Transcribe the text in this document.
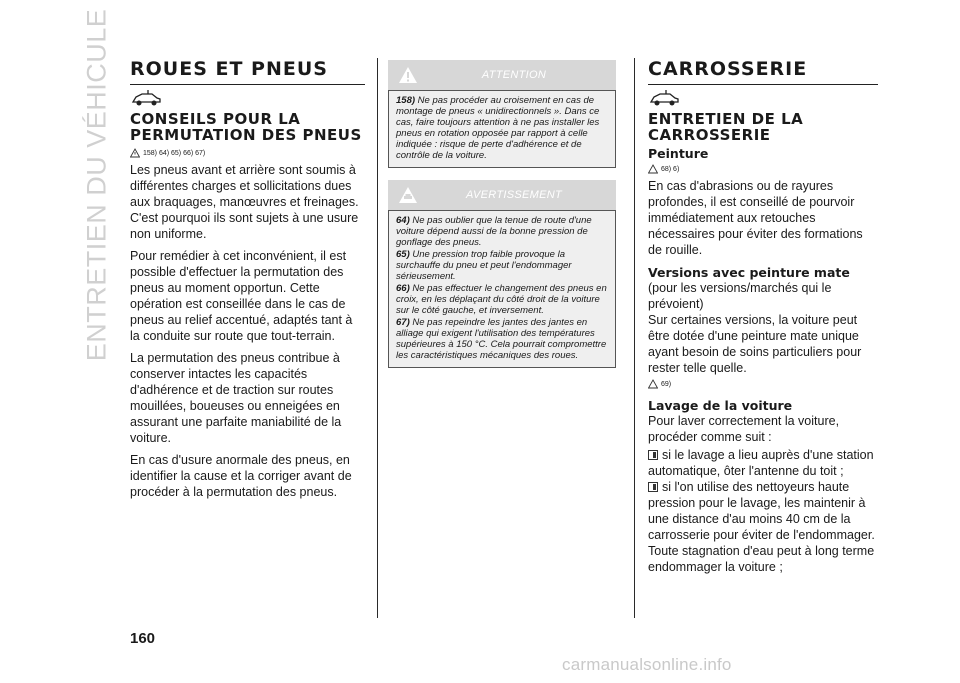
ENTRETIEN DU VÉHICULE ROUES ET PNEUS
CONSEILS POUR LA PERMUTATION DES PNEUS
158) 64) 65) 66) 67)

Les pneus avant et arrière sont soumis à différentes charges et sollicitations dues aux braquages, manœuvres et freinages. C'est pourquoi ils sont sujets à une usure non uniforme.

Pour remédier à cet inconvénient, il est possible d'effectuer la permutation des pneus au moment opportun. Cette opération est conseillée dans le cas de pneus au relief accentué, adaptés tant à la conduite sur route que tout-terrain.

La permutation des pneus contribue à conserver intactes les capacités d'adhérence et de traction sur routes mouillées, boueuses ou enneigées en assurant une parfaite maniabilité de la voiture.

En cas d'usure anormale des pneus, en identifier la cause et la corriger avant de procéder à la permutation des pneus.

ATTENTION
158) Ne pas procéder au croisement en cas de montage de pneus « unidirectionnels ». Dans ce cas, faire toujours attention à ne pas installer les pneus en rotation opposée par rapport à celle indiquée : risque de perte d'adhérence et de contrôle de la voiture.
AVERTISSEMENT
64) Ne pas oublier que la tenue de route d'une voiture dépend aussi de la bonne pression de gonflage des pneus.
65) Une pression trop faible provoque la surchauffe du pneu et peut l'endommager sérieusement.
66) Ne pas effectuer le changement des pneus en croix, en les déplaçant du côté droit de la voiture sur le côté gauche, et inversement.
67) Ne pas repeindre les jantes des jantes en alliage qui exigent l'utilisation des températures supérieures à 150 °C. Cela pourrait compromettre les caractéristiques mécaniques des roues.
CARROSSERIE
ENTRETIEN DE LA CARROSSERIE
Peinture
68) 6)

En cas d'abrasions ou de rayures profondes, il est conseillé de pourvoir immédiatement aux retouches nécessaires pour éviter des formations de rouille.

Versions avec peinture mate

(pour les versions/marchés qui le prévoient)

Sur certaines versions, la voiture peut être dotée d'une peinture mate unique ayant besoin de soins particuliers pour rester telle quelle.

69)
Lavage de la voiture

Pour laver correctement la voiture, procéder comme suit :

si le lavage a lieu auprès d'une station automatique, ôter l'antenne du toit ;

si l'on utilise des nettoyeurs haute pression pour le lavage, les maintenir à une distance d'au moins 40 cm de la carrosserie pour éviter de l'endommager. Toute stagnation d'eau peut à long terme endommager la voiture ;

160
carmanualsonline.info
